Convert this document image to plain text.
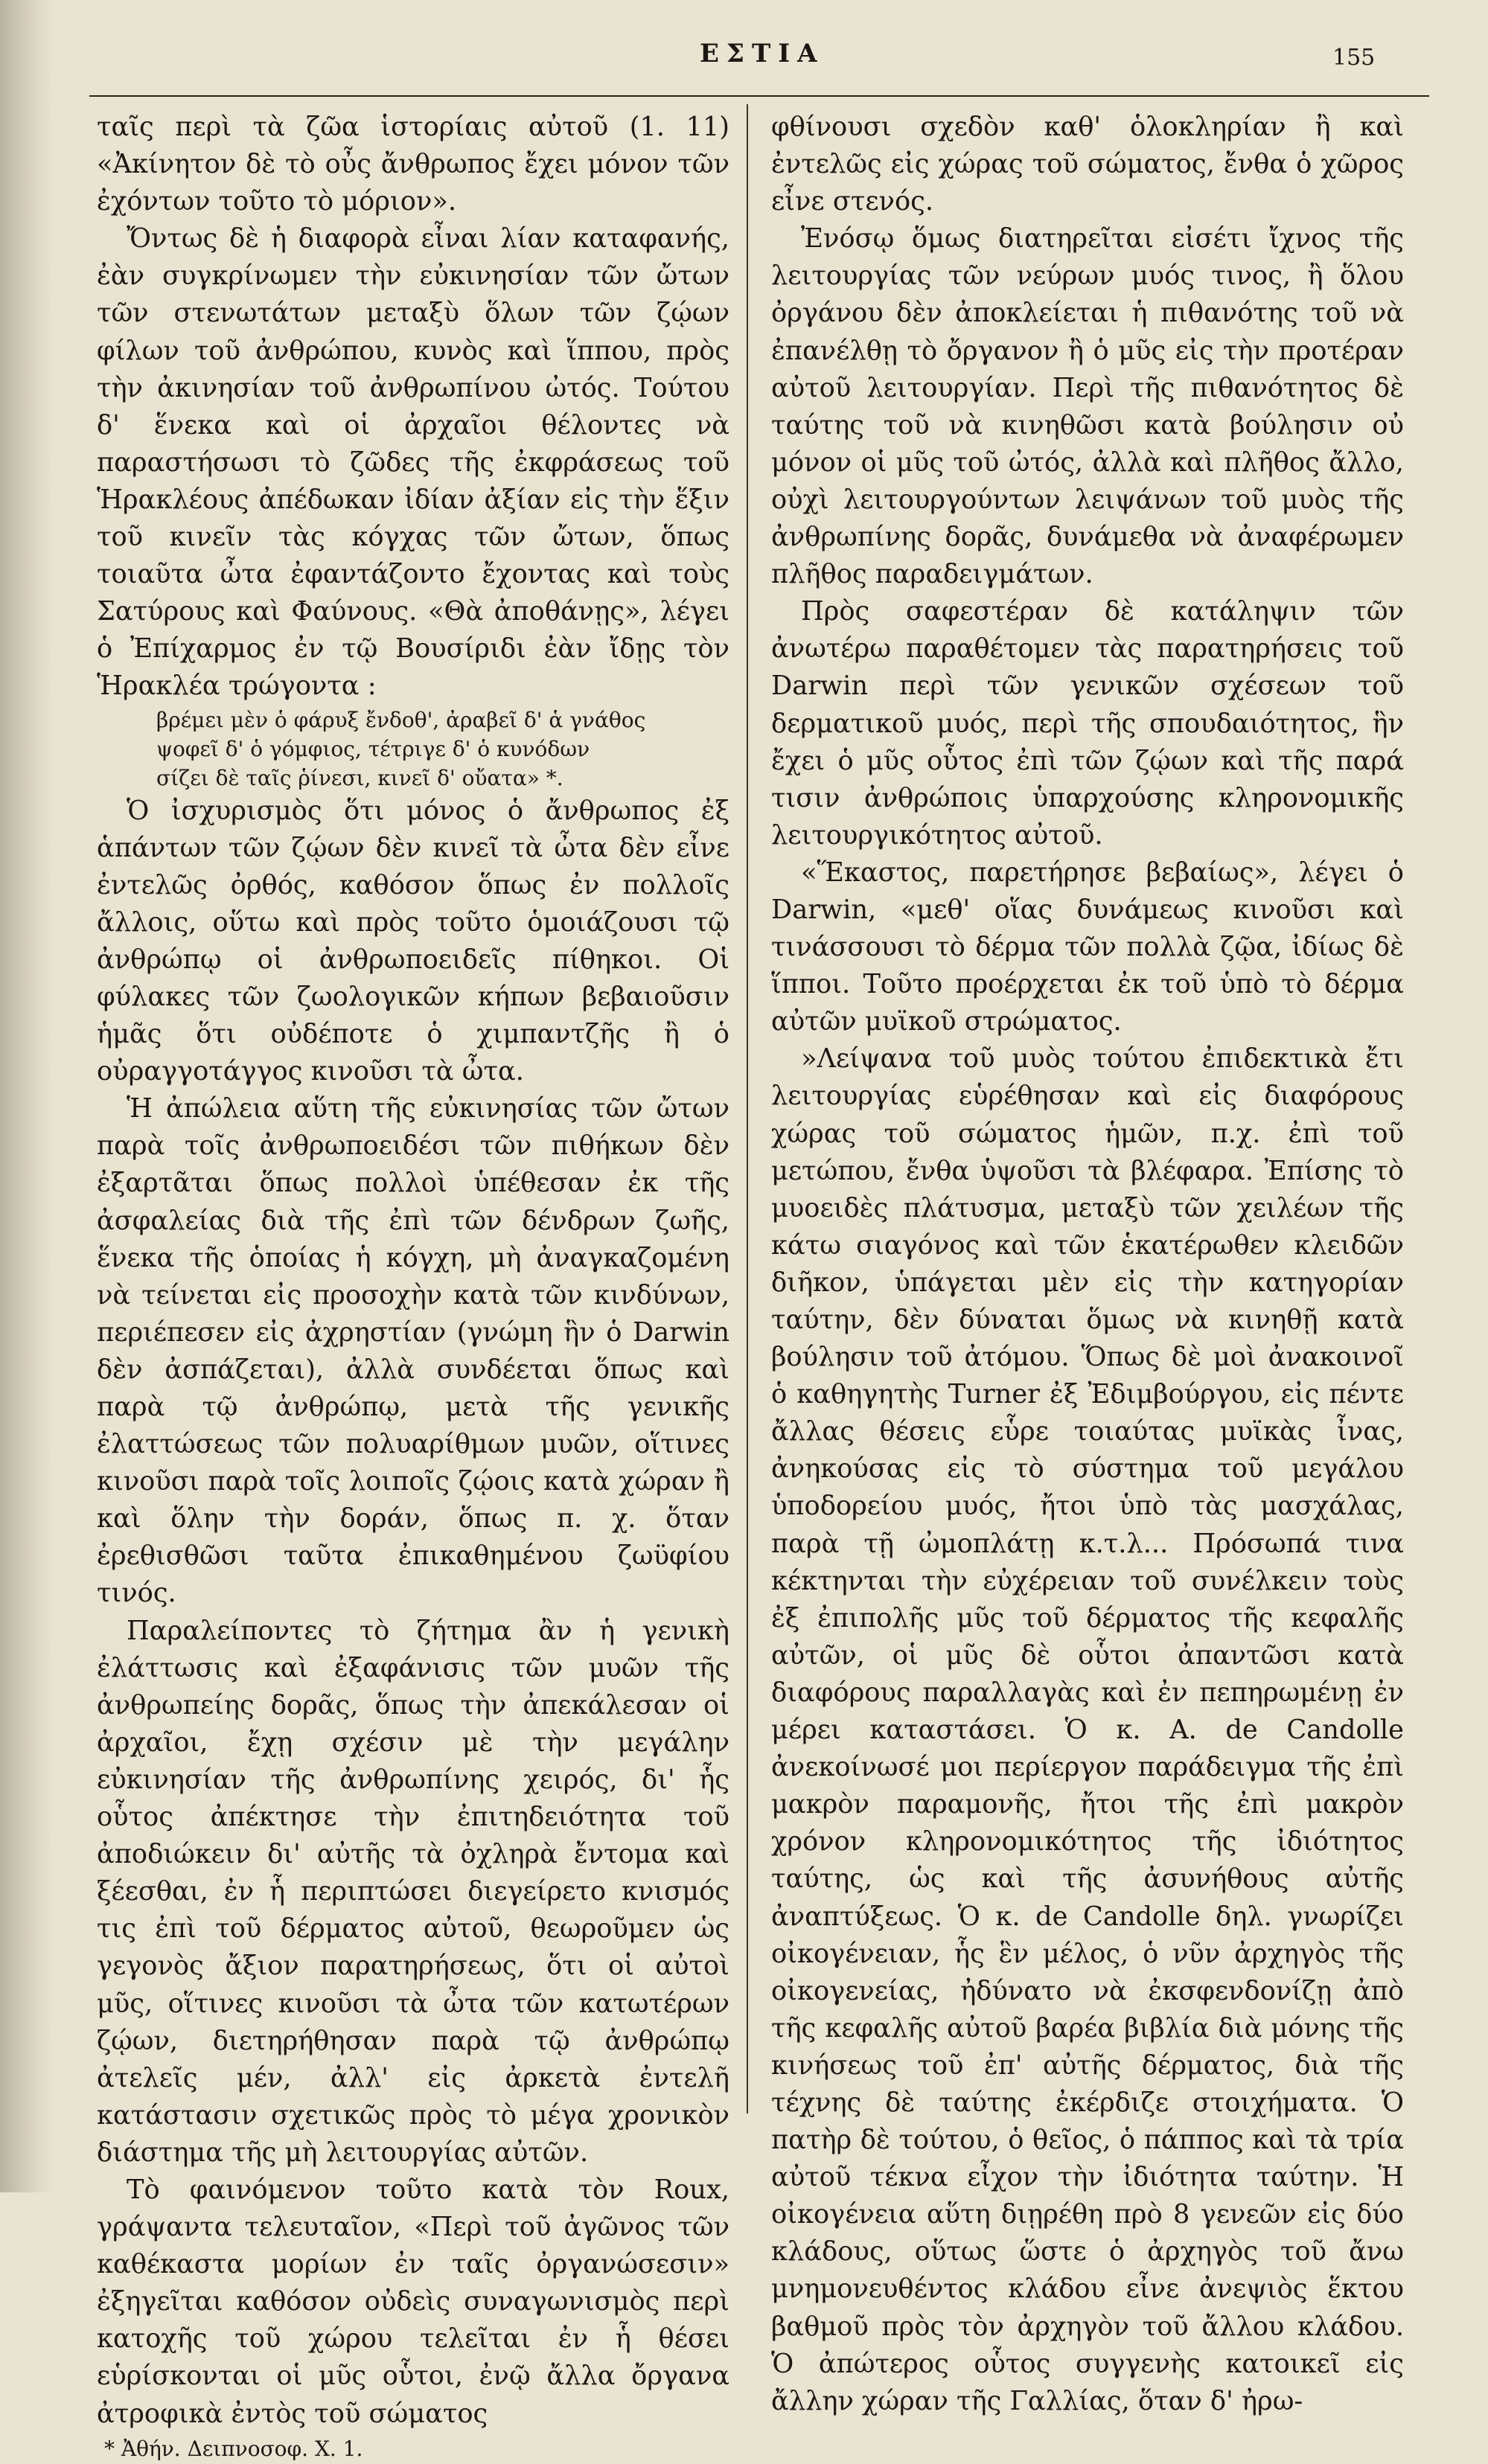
ΕΣΤΙΑ	155

ταῖς περὶ τὰ ζῶα ἱστορίαις αὐτοῦ (1. 11) «Ἀκίνητον δὲ τὸ οὖς ἄνθρωπος ἔχει μόνον τῶν ἐχόντων τοῦτο τὸ μόριον».

Ὄντως δὲ ἡ διαφορὰ εἶναι λίαν καταφανής, ἐὰν συγκρίνωμεν τὴν εὐκινησίαν τῶν ὤτων τῶν στενωτάτων μεταξὺ ὅλων τῶν ζῴων φίλων τοῦ ἀνθρώπου, κυνὸς καὶ ἵππου, πρὸς τὴν ἀκινησίαν τοῦ ἀνθρωπίνου ὠτός. Τούτου δ' ἕνεκα καὶ οἱ ἀρχαῖοι θέλοντες νὰ παραστήσωσι τὸ ζῶδες τῆς ἐκφράσεως τοῦ Ἡρακλέους ἀπέδωκαν ἰδίαν ἀξίαν εἰς τὴν ἕξιν τοῦ κινεῖν τὰς κόγχας τῶν ὤτων, ὅπως τοιαῦτα ὦτα ἐφαντάζοντο ἔχοντας καὶ τοὺς Σατύρους καὶ Φαύνους. «Θὰ ἀποθάνῃς», λέγει ὁ Ἐπίχαρμος ἐν τῷ Βουσίριδι ἐὰν ἴδῃς τὸν Ἡρακλέα τρώγοντα :

βρέμει μὲν ὁ φάρυξ ἔνδοθ', ἀραβεῖ δ' ἁ γνάθος
ψοφεῖ δ' ὁ γόμφιος, τέτριγε δ' ὁ κυνόδων
σίζει δὲ ταῖς ῥίνεσι, κινεῖ δ' οὔατα» *.

Ὁ ἰσχυρισμὸς ὅτι μόνος ὁ ἄνθρωπος ἐξ ἁπάντων τῶν ζῴων δὲν κινεῖ τὰ ὦτα δὲν εἶνε ἐντελῶς ὀρθός, καθόσον ὅπως ἐν πολλοῖς ἄλλοις, οὕτω καὶ πρὸς τοῦτο ὁμοιάζουσι τῷ ἀνθρώπῳ οἱ ἀνθρωποειδεῖς πίθηκοι. Οἱ φύλακες τῶν ζωολογικῶν κήπων βεβαιοῦσιν ἡμᾶς ὅτι οὐδέποτε ὁ χιμπαντζῆς ἢ ὁ οὐραγγοτάγγος κινοῦσι τὰ ὦτα.

Ἡ ἀπώλεια αὕτη τῆς εὐκινησίας τῶν ὤτων παρὰ τοῖς ἀνθρωποειδέσι τῶν πιθήκων δὲν ἐξαρτᾶται ὅπως πολλοὶ ὑπέθεσαν ἐκ τῆς ἀσφαλείας διὰ τῆς ἐπὶ τῶν δένδρων ζωῆς, ἕνεκα τῆς ὁποίας ἡ κόγχη, μὴ ἀναγκαζομένη νὰ τείνεται εἰς προσοχὴν κατὰ τῶν κινδύνων, περιέπεσεν εἰς ἀχρηστίαν (γνώμη ἣν ὁ Darwin δὲν ἀσπάζεται), ἀλλὰ συνδέεται ὅπως καὶ παρὰ τῷ ἀνθρώπῳ, μετὰ τῆς γενικῆς ἐλαττώσεως τῶν πολυαρίθμων μυῶν, οἵτινες κινοῦσι παρὰ τοῖς λοιποῖς ζῴοις κατὰ χώραν ἢ καὶ ὅλην τὴν δοράν, ὅπως π. χ. ὅταν ἐρεθισθῶσι ταῦτα ἐπικαθημένου ζωϋφίου τινός.

Παραλείποντες τὸ ζήτημα ἂν ἡ γενικὴ ἐλάττωσις καὶ ἐξαφάνισις τῶν μυῶν τῆς ἀνθρωπείης δορᾶς, ὅπως τὴν ἀπεκάλεσαν οἱ ἀρχαῖοι, ἔχῃ σχέσιν μὲ τὴν μεγάλην εὐκινησίαν τῆς ἀνθρωπίνης χειρός, δι' ἧς οὗτος ἀπέκτησε τὴν ἐπιτηδειότητα τοῦ ἀποδιώκειν δι' αὐτῆς τὰ ὀχληρὰ ἔντομα καὶ ξέεσθαι, ἐν ἧ περιπτώσει διεγείρετο κνισμός τις ἐπὶ τοῦ δέρματος αὐτοῦ, θεωροῦμεν ὡς γεγονὸς ἄξιον παρατηρήσεως, ὅτι οἱ αὐτοὶ μῦς, οἵτινες κινοῦσι τὰ ὦτα τῶν κατωτέρων ζῴων, διετηρήθησαν παρὰ τῷ ἀνθρώπῳ ἀτελεῖς μέν, ἀλλ' εἰς ἀρκετὰ ἐντελῆ κατάστασιν σχετικῶς πρὸς τὸ μέγα χρονικὸν διάστημα τῆς μὴ λειτουργίας αὐτῶν.

Τὸ φαινόμενον τοῦτο κατὰ τὸν Roux, γράψαντα τελευταῖον, «Περὶ τοῦ ἀγῶνος τῶν καθέκαστα μορίων ἐν ταῖς ὀργανώσεσιν» ἐξηγεῖται καθόσον οὐδεὶς συναγωνισμὸς περὶ κατοχῆς τοῦ χώρου τελεῖται ἐν ἧ θέσει εὑρίσκονται οἱ μῦς οὗτοι, ἐνῷ ἄλλα ὄργανα ἀτροφικὰ ἐντὸς τοῦ σώματος

* Ἀθήν. Δειπνοσοφ. Χ. 1.

φθίνουσι σχεδὸν καθ' ὁλοκληρίαν ἢ καὶ ἐντελῶς εἰς χώρας τοῦ σώματος, ἔνθα ὁ χῶρος εἶνε στενός.

Ἐνόσῳ ὅμως διατηρεῖται εἰσέτι ἴχνος τῆς λειτουργίας τῶν νεύρων μυός τινος, ἢ ὅλου ὀργάνου δὲν ἀποκλείεται ἡ πιθανότης τοῦ νὰ ἐπανέλθῃ τὸ ὄργανον ἢ ὁ μῦς εἰς τὴν προτέραν αὐτοῦ λειτουργίαν. Περὶ τῆς πιθανότητος δὲ ταύτης τοῦ νὰ κινηθῶσι κατὰ βούλησιν οὐ μόνον οἱ μῦς τοῦ ὠτός, ἀλλὰ καὶ πλῆθος ἄλλο, οὐχὶ λειτουργούντων λειψάνων τοῦ μυὸς τῆς ἀνθρωπίνης δορᾶς, δυνάμεθα νὰ ἀναφέρωμεν πλῆθος παραδειγμάτων.

Πρὸς σαφεστέραν δὲ κατάληψιν τῶν ἀνωτέρω παραθέτομεν τὰς παρατηρήσεις τοῦ Darwin περὶ τῶν γενικῶν σχέσεων τοῦ δερματικοῦ μυός, περὶ τῆς σπουδαιότητος, ἣν ἔχει ὁ μῦς οὗτος ἐπὶ τῶν ζῴων καὶ τῆς παρά τισιν ἀνθρώποις ὑπαρχούσης κληρονομικῆς λειτουργικότητος αὐτοῦ.

«Ἕκαστος, παρετήρησε βεβαίως», λέγει ὁ Darwin, «μεθ' οἵας δυνάμεως κινοῦσι καὶ τινάσσουσι τὸ δέρμα τῶν πολλὰ ζῷα, ἰδίως δὲ ἵπποι. Τοῦτο προέρχεται ἐκ τοῦ ὑπὸ τὸ δέρμα αὐτῶν μυϊκοῦ στρώματος.

»Λείψανα τοῦ μυὸς τούτου ἐπιδεκτικὰ ἔτι λειτουργίας εὑρέθησαν καὶ εἰς διαφόρους χώρας τοῦ σώματος ἡμῶν, π.χ. ἐπὶ τοῦ μετώπου, ἔνθα ὑψοῦσι τὰ βλέφαρα. Ἐπίσης τὸ μυοειδὲς πλάτυσμα, μεταξὺ τῶν χειλέων τῆς κάτω σιαγόνος καὶ τῶν ἑκατέρωθεν κλειδῶν διῆκον, ὑπάγεται μὲν εἰς τὴν κατηγορίαν ταύτην, δὲν δύναται ὅμως νὰ κινηθῇ κατὰ βούλησιν τοῦ ἀτόμου. Ὅπως δὲ μοὶ ἀνακοινοῖ ὁ καθηγητὴς Turner ἐξ Ἐδιμβούργου, εἰς πέντε ἄλλας θέσεις εὗρε τοιαύτας μυϊκὰς ἶνας, ἀνηκούσας εἰς τὸ σύστημα τοῦ μεγάλου ὑποδορείου μυός, ἤτοι ὑπὸ τὰς μασχάλας, παρὰ τῇ ὠμοπλάτῃ κ.τ.λ... Πρόσωπά τινα κέκτηνται τὴν εὐχέρειαν τοῦ συνέλκειν τοὺς ἐξ ἐπιπολῆς μῦς τοῦ δέρματος τῆς κεφαλῆς αὐτῶν, οἱ μῦς δὲ οὗτοι ἀπαντῶσι κατὰ διαφόρους παραλλαγὰς καὶ ἐν πεπηρωμένῃ ἐν μέρει καταστάσει. Ὁ κ. A. de Candolle ἀνεκοίνωσέ μοι περίεργον παράδειγμα τῆς ἐπὶ μακρὸν παραμονῆς, ἤτοι τῆς ἐπὶ μακρὸν χρόνον κληρονομικότητος τῆς ἰδιότητος ταύτης, ὡς καὶ τῆς ἀσυνήθους αὐτῆς ἀναπτύξεως. Ὁ κ. de Candolle δηλ. γνωρίζει οἰκογένειαν, ἧς ἓν μέλος, ὁ νῦν ἀρχηγὸς τῆς οἰκογενείας, ἠδύνατο νὰ ἐκσφενδονίζῃ ἀπὸ τῆς κεφαλῆς αὐτοῦ βαρέα βιβλία διὰ μόνης τῆς κινήσεως τοῦ ἐπ' αὐτῆς δέρματος, διὰ τῆς τέχνης δὲ ταύτης ἐκέρδιζε στοιχήματα. Ὁ πατὴρ δὲ τούτου, ὁ θεῖος, ὁ πάππος καὶ τὰ τρία αὐτοῦ τέκνα εἶχον τὴν ἰδιότητα ταύτην. Ἡ οἰκογένεια αὕτη διῃρέθη πρὸ 8 γενεῶν εἰς δύο κλάδους, οὕτως ὥστε ὁ ἀρχηγὸς τοῦ ἄνω μνημονευθέντος κλάδου εἶνε ἀνεψιὸς ἕκτου βαθμοῦ πρὸς τὸν ἀρχηγὸν τοῦ ἄλλου κλάδου. Ὁ ἀπώτερος οὗτος συγγενὴς κατοικεῖ εἰς ἄλλην χώραν τῆς Γαλλίας, ὅταν δ' ἠρω-
